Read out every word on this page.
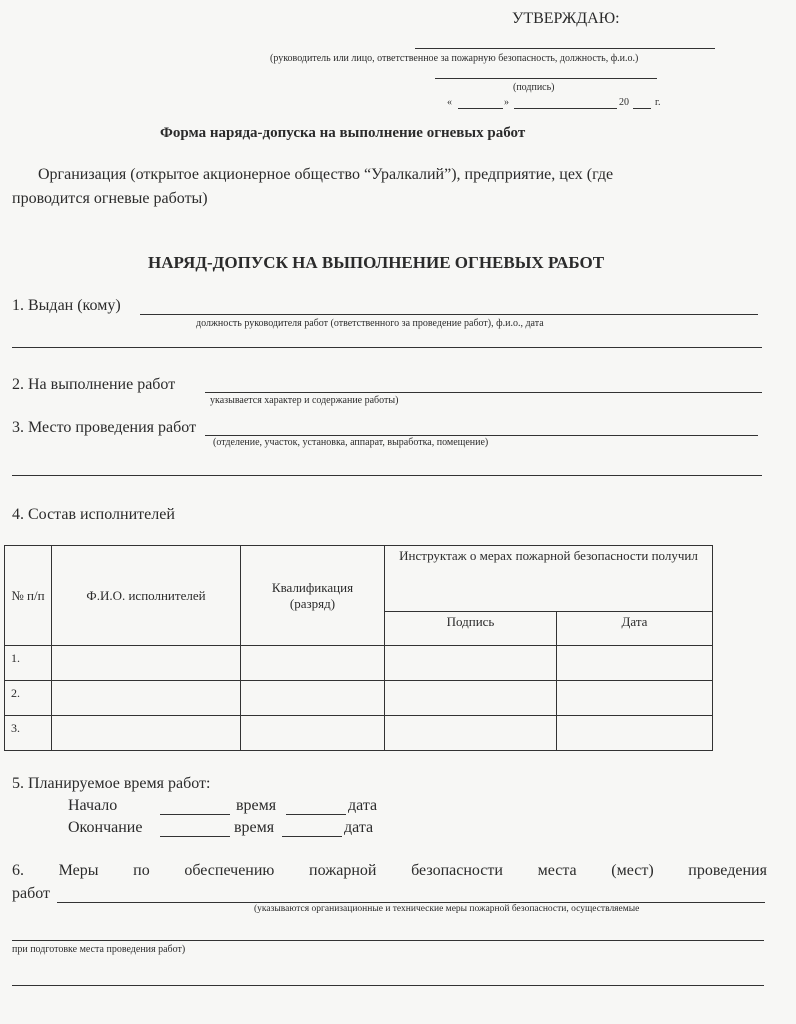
УТВЕРЖДАЮ:
(руководитель или лицо, ответственное за пожарную безопасность, должность, ф.и.о.)
(подпись)
«	»	20	г.
Форма наряда-допуска на выполнение огневых работ
Организация (открытое акционерное общество “Уралкалий”), предприятие, цех (где
проводится огневые работы)
НАРЯД-ДОПУСК НА ВЫПОЛНЕНИЕ ОГНЕВЫХ РАБОТ
1. Выдан (кому)
должность руководителя работ (ответственного за проведение работ), ф.и.о., дата
2. На выполнение работ
указывается характер и содержание работы)
3. Место проведения работ
(отделение, участок, установка, аппарат, выработка, помещение)
4. Состав исполнителей
№ п/п	Ф.И.О. исполнителей	Квалификация (разряд)	Инструктаж о мерах пожарной безопасности получил	
			Подпись	Дата
1.				
2.				
3.				
5. Планируемое время работ:
Начало	время	дата
Окончание	время	дата
6. Меры по обеспечению пожарной безопасности места (мест) проведения
работ
(указываются организационные и технические меры пожарной безопасности, осуществляемые
при подготовке места проведения работ)
